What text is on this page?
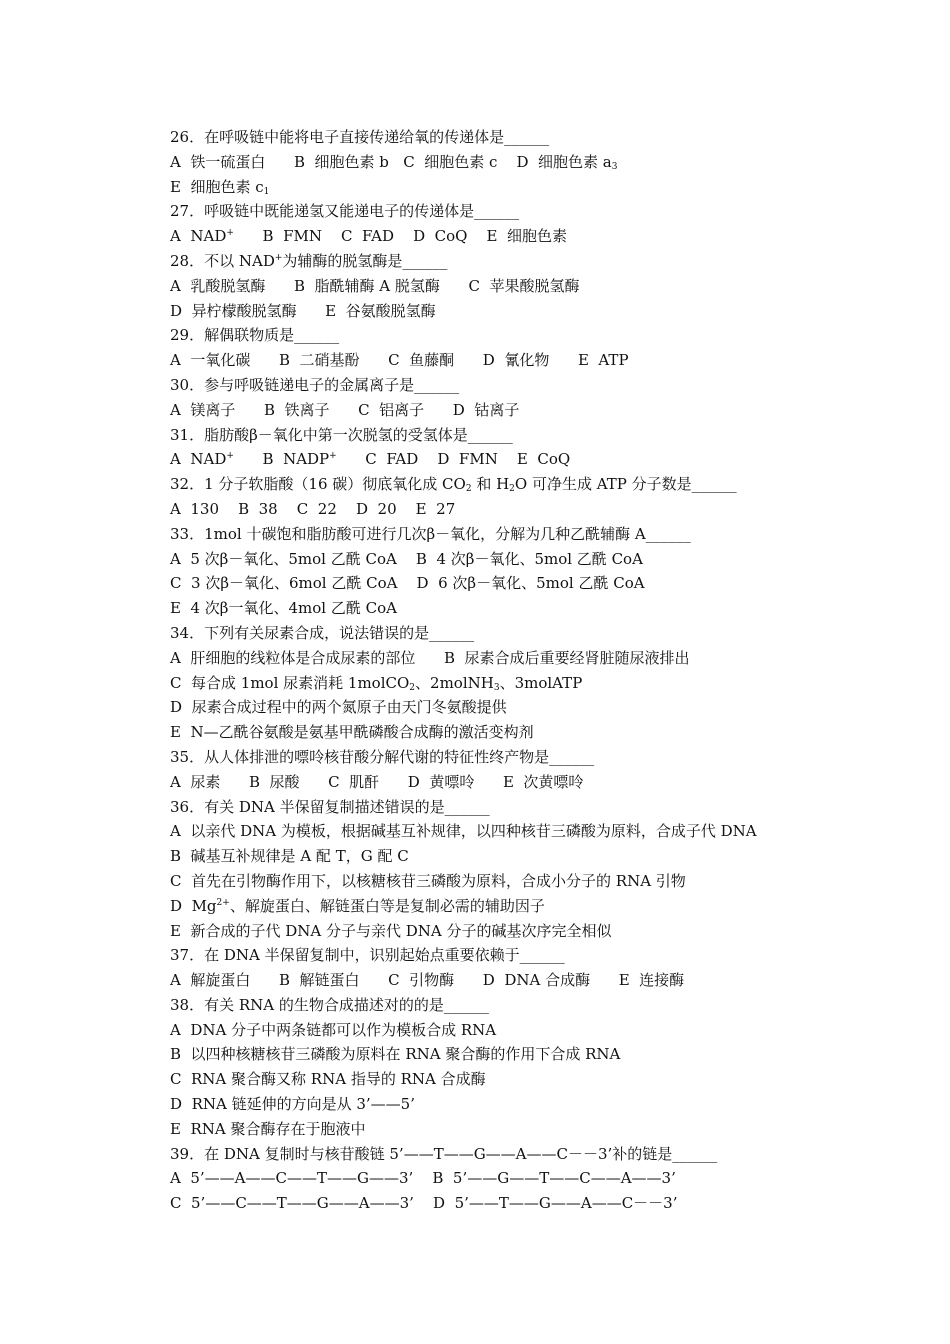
26．在呼吸链中能将电子直接传递给氧的传递体是______
A  铁一硫蛋白      B  细胞色素 b   C  细胞色素 c    D  细胞色素 $a_3$
E  细胞色素 $c_1$
27．呼吸链中既能递氢又能递电子的传递体是______
A  NAD+      B  FMN    C  FAD    D  CoQ    E  细胞色素
28．不以 NAD+为辅酶的脱氢酶是______
A  乳酸脱氢酶      B  脂酰辅酶 A 脱氢酶      C  苹果酸脱氢酶
D  异柠檬酸脱氢酶      E  谷氨酸脱氢酶
29．解偶联物质是______
A  一氧化碳      B  二硝基酚      C  鱼藤酮      D  氰化物      E  ATP
30．参与呼吸链递电子的金属离子是______
A  镁离子      B  铁离子      C  铝离子      D  钴离子
31．脂肪酸β－氧化中第一次脱氢的受氢体是______
A  NAD+      B  NADP+      C  FAD    D  FMN    E  CoQ
32．1 分子软脂酸（16 碳）彻底氧化成 $CO_2$ 和 $H_2O$ 可净生成 ATP 分子数是______
A  130    B  38    C  22    D  20    E  27
33．1mol 十碳饱和脂肪酸可进行几次β－氧化，分解为几种乙酰辅酶 A______
A  5 次β－氧化、5mol 乙酰 CoA    B  4 次β－氧化、5mol 乙酰 CoA
C  3 次β－氧化、6mol 乙酰 CoA    D  6 次β－氧化、5mol 乙酰 CoA
E  4 次β一氧化、4mol 乙酰 CoA
34．下列有关尿素合成，说法错误的是______
A  肝细胞的线粒体是合成尿素的部位      B  尿素合成后重要经肾脏随尿液排出
C  每合成 1mol 尿素消耗 1molCO$_2$、2molNH$_3$、3molATP
D  尿素合成过程中的两个氮原子由天门冬氨酸提供
E  N—乙酰谷氨酸是氨基甲酰磷酸合成酶的激活变构剂
35．从人体排泄的嘌呤核苷酸分解代谢的特征性终产物是______
A  尿素      B  尿酸      C  肌酐      D  黄嘌呤      E  次黄嘌呤
36．有关 DNA 半保留复制描述错误的是______
A  以亲代 DNA 为模板，根据碱基互补规律，以四种核苷三磷酸为原料，合成子代 DNA
B  碱基互补规律是 A 配 T，G 配 C
C  首先在引物酶作用下，以核糖核苷三磷酸为原料，合成小分子的 RNA 引物
D  $Mg^{2+}$、解旋蛋白、解链蛋白等是复制必需的辅助因子
E  新合成的子代 DNA 分子与亲代 DNA 分子的碱基次序完全相似
37．在 DNA 半保留复制中，识别起始点重要依赖于______
A  解旋蛋白      B  解链蛋白      C  引物酶      D  DNA 合成酶      E  连接酶
38．有关 RNA 的生物合成描述对的的是______
A  DNA 分子中两条链都可以作为模板合成 RNA
B  以四种核糖核苷三磷酸为原料在 RNA 聚合酶的作用下合成 RNA
C  RNA 聚合酶又称 RNA 指导的 RNA 合成酶
D  RNA 链延伸的方向是从 3’——5’
E  RNA 聚合酶存在于胞液中
39．在 DNA 复制时与核苷酸链 5’——T——G——A——C－－3’补的链是______
A  5’——A——C——T——G——3’    B  5’——G——T——C——A——3’
C  5’——C——T——G——A——3’    D  5’——T——G——A——C－－3’
